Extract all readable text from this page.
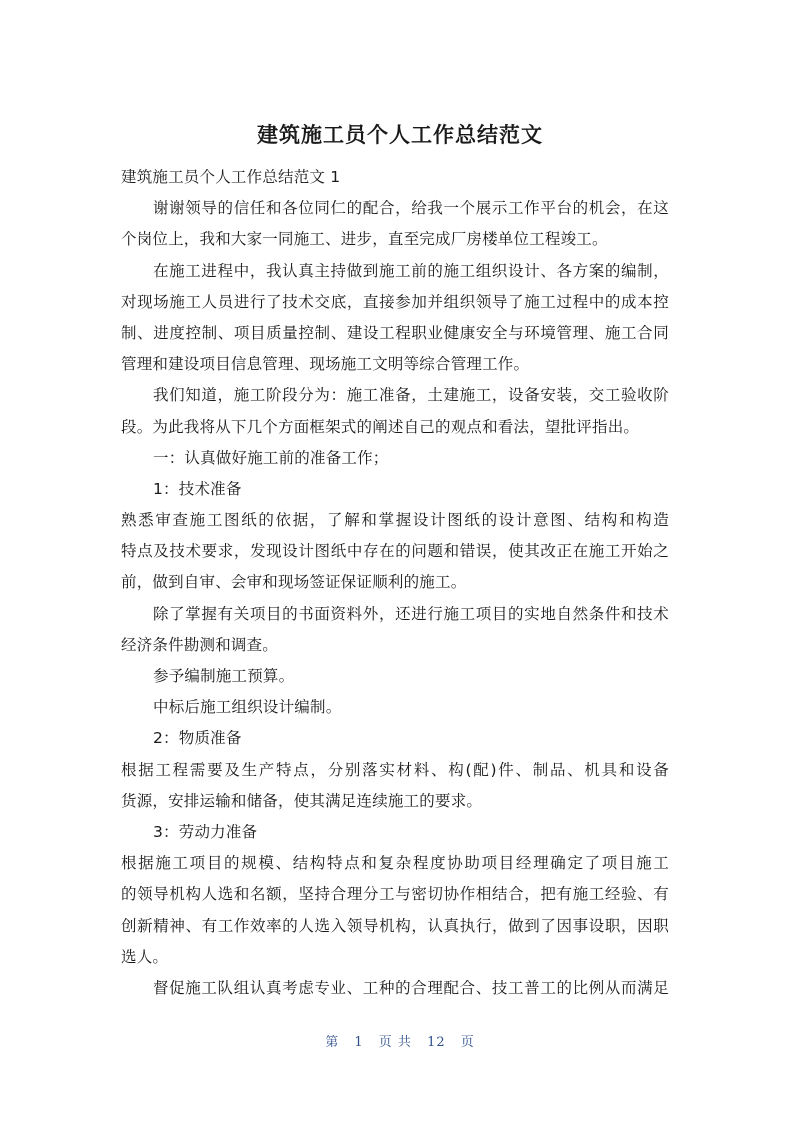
建筑施工员个人工作总结范文
建筑施工员个人工作总结范文 1
谢谢领导的信任和各位同仁的配合，给我一个展示工作平台的机会，在这
个岗位上，我和大家一同施工、进步，直至完成厂房楼单位工程竣工。
在施工进程中，我认真主持做到施工前的施工组织设计、各方案的编制，
对现场施工人员进行了技术交底，直接参加并组织领导了施工过程中的成本控
制、进度控制、项目质量控制、建设工程职业健康安全与环境管理、施工合同
管理和建设项目信息管理、现场施工文明等综合管理工作。
我们知道，施工阶段分为：施工准备，土建施工，设备安装，交工验收阶
段。为此我将从下几个方面框架式的阐述自己的观点和看法，望批评指出。
一：认真做好施工前的准备工作；
1：技术准备
熟悉审查施工图纸的依据，了解和掌握设计图纸的设计意图、结构和构造
特点及技术要求，发现设计图纸中存在的问题和错误，使其改正在施工开始之
前，做到自审、会审和现场签证保证顺利的施工。
除了掌握有关项目的书面资料外，还进行施工项目的实地自然条件和技术
经济条件勘测和调查。
参予编制施工预算。
中标后施工组织设计编制。
2：物质准备
根据工程需要及生产特点，分别落实材料、构(配)件、制品、机具和设备
货源，安排运输和储备，使其满足连续施工的要求。
3：劳动力准备
根据施工项目的规模、结构特点和复杂程度协助项目经理确定了项目施工
的领导机构人选和名额，坚持合理分工与密切协作相结合，把有施工经验、有
创新精神、有工作效率的人选入领导机构，认真执行，做到了因事设职，因职
选人。
督促施工队组认真考虑专业、工种的合理配合、技工普工的比例从而满足
第 1 页 共 12 页
